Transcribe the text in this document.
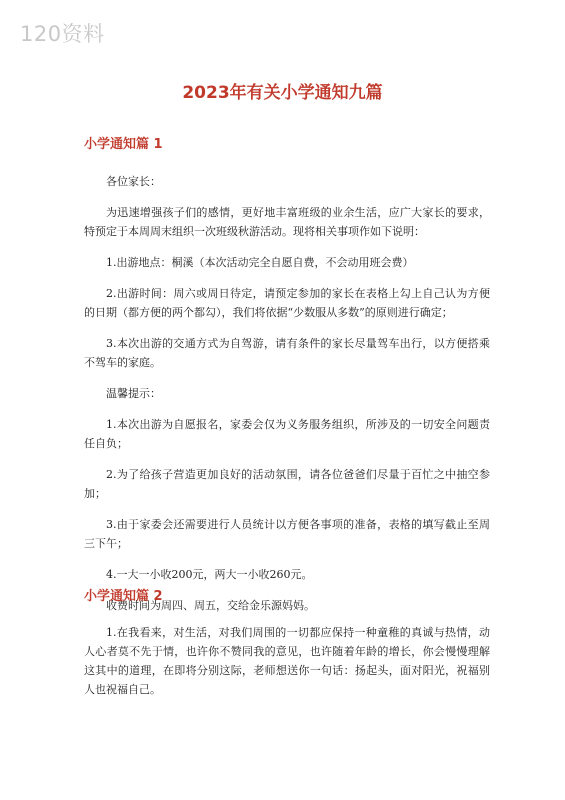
120资料
2023年有关小学通知九篇
小学通知篇 1

各位家长：

为迅速增强孩子们的感情，更好地丰富班级的业余生活，应广大家长的要求，特预定于本周周末组织一次班级秋游活动。现将相关事项作如下说明：

1.出游地点：桐溪（本次活动完全自愿自费，不会动用班会费）

2.出游时间：周六或周日待定，请预定参加的家长在表格上勾上自己认为方便的日期（都方便的两个都勾），我们将依据“少数服从多数”的原则进行确定；

3.本次出游的交通方式为自驾游，请有条件的家长尽量驾车出行，以方便搭乘不驾车的家庭。

温馨提示：

1.本次出游为自愿报名，家委会仅为义务服务组织，所涉及的一切安全问题责任自负；

2.为了给孩子营造更加良好的活动氛围，请各位爸爸们尽量于百忙之中抽空参加；

3.由于家委会还需要进行人员统计以方便各事项的准备，表格的填写截止至周三下午；

4.一大一小收200元，两大一小收260元。

收费时间为周四、周五，交给金乐源妈妈。

小学通知篇 2

1.在我看来，对生活，对我们周围的一切都应保持一种童稚的真诚与热情，动人心者莫不先于情，也许你不赞同我的意见，也许随着年龄的增长，你会慢慢理解这其中的道理，在即将分别这际，老师想送你一句话：扬起头，面对阳光，祝福别人也祝福自己。
